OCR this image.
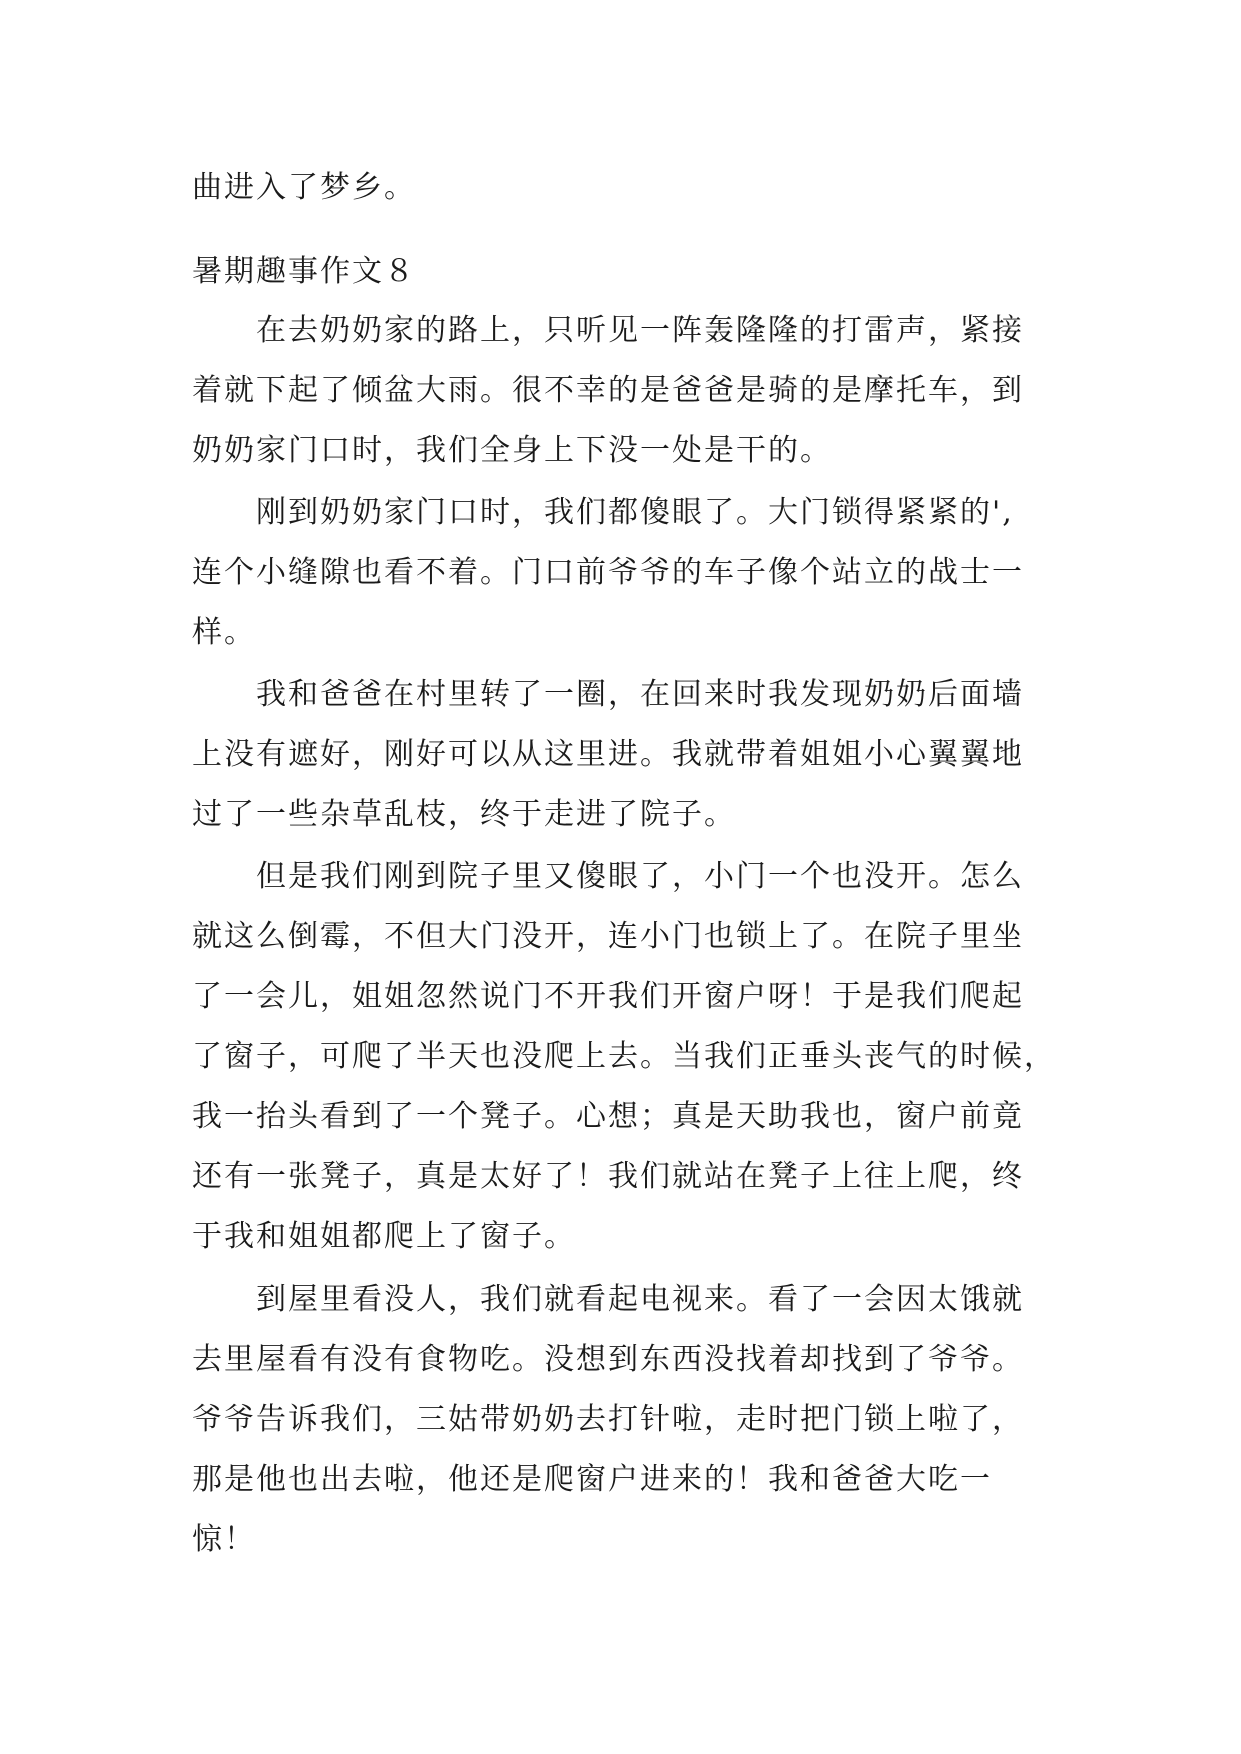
曲进入了梦乡。
暑期趣事作文８
在去奶奶家的路上，只听见一阵轰隆隆的打雷声，紧接
着就下起了倾盆大雨。很不幸的是爸爸是骑的是摩托车，到
奶奶家门口时，我们全身上下没一处是干的。
刚到奶奶家门口时，我们都傻眼了。大门锁得紧紧的',
连个小缝隙也看不着。门口前爷爷的车子像个站立的战士一
样。
我和爸爸在村里转了一圈，在回来时我发现奶奶后面墙
上没有遮好，刚好可以从这里进。我就带着姐姐小心翼翼地
过了一些杂草乱枝，终于走进了院子。
但是我们刚到院子里又傻眼了，小门一个也没开。怎么
就这么倒霉，不但大门没开，连小门也锁上了。在院子里坐
了一会儿，姐姐忽然说门不开我们开窗户呀！于是我们爬起
了窗子，可爬了半天也没爬上去。当我们正垂头丧气的时候，
我一抬头看到了一个凳子。心想；真是天助我也，窗户前竟
还有一张凳子，真是太好了！我们就站在凳子上往上爬，终
于我和姐姐都爬上了窗子。
到屋里看没人，我们就看起电视来。看了一会因太饿就
去里屋看有没有食物吃。没想到东西没找着却找到了爷爷。
爷爷告诉我们，三姑带奶奶去打针啦，走时把门锁上啦了，
那是他也出去啦，他还是爬窗户进来的！我和爸爸大吃一
惊！
